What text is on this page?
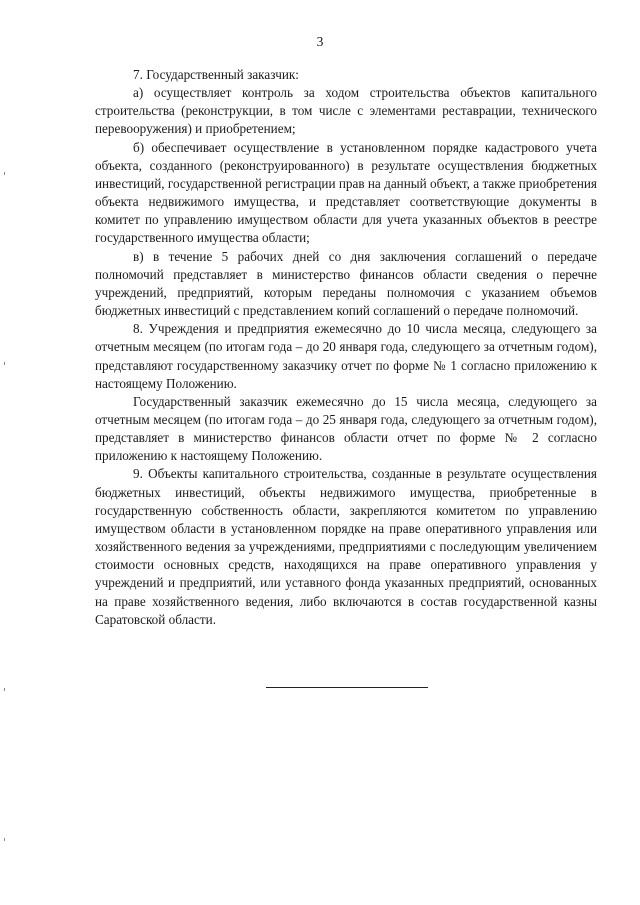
3

7. Государственный заказчик:

а) осуществляет контроль за ходом строительства объектов капитального строительства (реконструкции, в том числе с элементами реставрации, технического перевооружения) и приобретением;

б) обеспечивает осуществление в установленном порядке кадастрового учета объекта, созданного (реконструированного) в результате осуществления бюджетных инвестиций, государственной регистрации прав на данный объект, а также приобретения объекта недвижимого имущества, и представляет соответствующие документы в комитет по управлению имуществом области для учета указанных объектов в реестре государственного имущества области;

в) в течение 5 рабочих дней со дня заключения соглашений о передаче полномочий представляет в министерство финансов области сведения о перечне учреждений, предприятий, которым переданы полномочия с указанием объемов бюджетных инвестиций с представлением копий соглашений о передаче полномочий.

8. Учреждения и предприятия ежемесячно до 10 числа месяца, следующего за отчетным месяцем (по итогам года – до 20 января года, следующего за отчетным годом), представляют государственному заказчику отчет по форме № 1 согласно приложению к настоящему Положению.

Государственный заказчик ежемесячно до 15 числа месяца, следующего за отчетным месяцем (по итогам года – до 25 января года, следующего за отчетным годом), представляет в министерство финансов области отчет по форме № 2 согласно приложению к настоящему Положению.

9. Объекты капитального строительства, созданные в результате осуществления бюджетных инвестиций, объекты недвижимого имущества, приобретенные в государственную собственность области, закрепляются комитетом по управлению имуществом области в установленном порядке на праве оперативного управления или хозяйственного ведения за учреждениями, предприятиями с последующим увеличением стоимости основных средств, находящихся на праве оперативного управления у учреждений и предприятий, или уставного фонда указанных предприятий, основанных на праве хозяйственного ведения, либо включаются в состав государственной казны Саратовской области.
